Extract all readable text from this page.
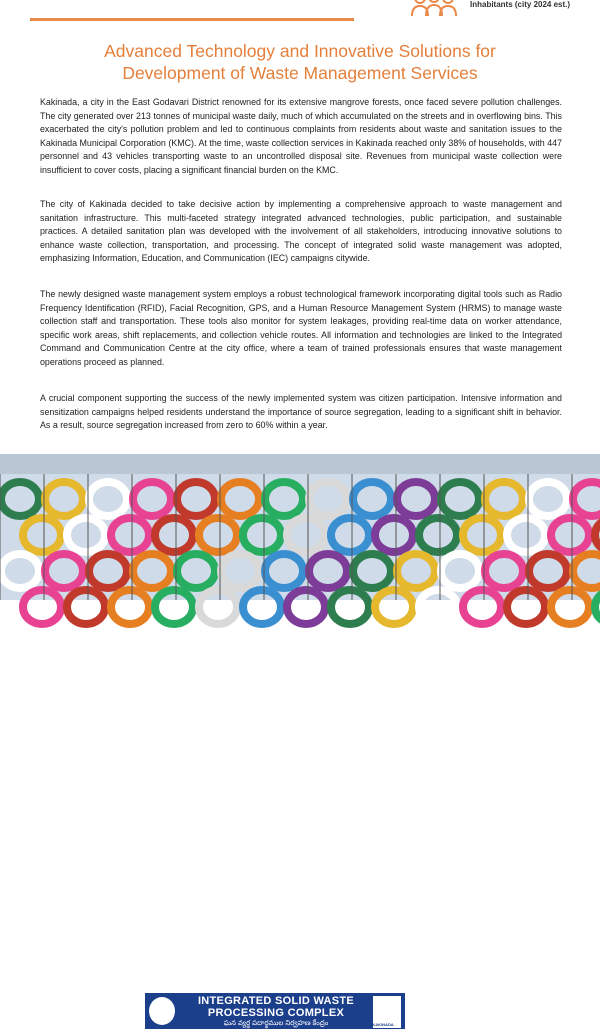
Inhabitants (city 2024 est.)
Advanced Technology and Innovative Solutions for
Development of Waste Management Services

Kakinada, a city in the East Godavari District renowned for its extensive mangrove forests, once faced severe pollution challenges. The city generated over 213 tonnes of municipal waste daily, much of which accumulated on the streets and in overflowing bins. This exacerbated the city's pollution problem and led to continuous complaints from residents about waste and sanitation issues to the Kakinada Municipal Corporation (KMC). At the time, waste collection services in Kakinada reached only 38% of households, with 447 personnel and 43 vehicles transporting waste to an uncontrolled disposal site. Revenues from municipal waste collection were insufficient to cover costs, placing a significant financial burden on the KMC.

The city of Kakinada decided to take decisive action by implementing a comprehensive approach to waste management and sanitation infrastructure. This multi-faceted strategy integrated advanced technologies, public participation, and sustainable practices. A detailed sanitation plan was developed with the involvement of all stakeholders, introducing innovative solutions to enhance waste collection, transportation, and processing. The concept of integrated solid waste management was adopted, emphasizing Information, Education, and Communication (IEC) campaigns citywide.

The newly designed waste management system employs a robust technological framework incorporating digital tools such as Radio Frequency Identification (RFID), Facial Recognition, GPS, and a Human Resource Management System (HRMS) to manage waste collection staff and transportation. These tools also monitor for system leakages, providing real-time data on worker attendance, specific work areas, shift replacements, and collection vehicle routes. All information and technologies are linked to the Integrated Command and Communication Centre at the city office, where a team of trained professionals ensures that waste management operations proceed as planned.

A crucial component supporting the success of the newly implemented system was citizen participation. Intensive information and sensitization campaigns helped residents understand the importance of source segregation, leading to a significant shift in behavior. As a result, source segregation increased from zero to 60% within a year.

INTEGRATED SOLID WASTE
PROCESSING COMPLEX
ఘన వ్యర్థ పదార్థముల నిర్వహణ కేంద్రం	KAKINADA
